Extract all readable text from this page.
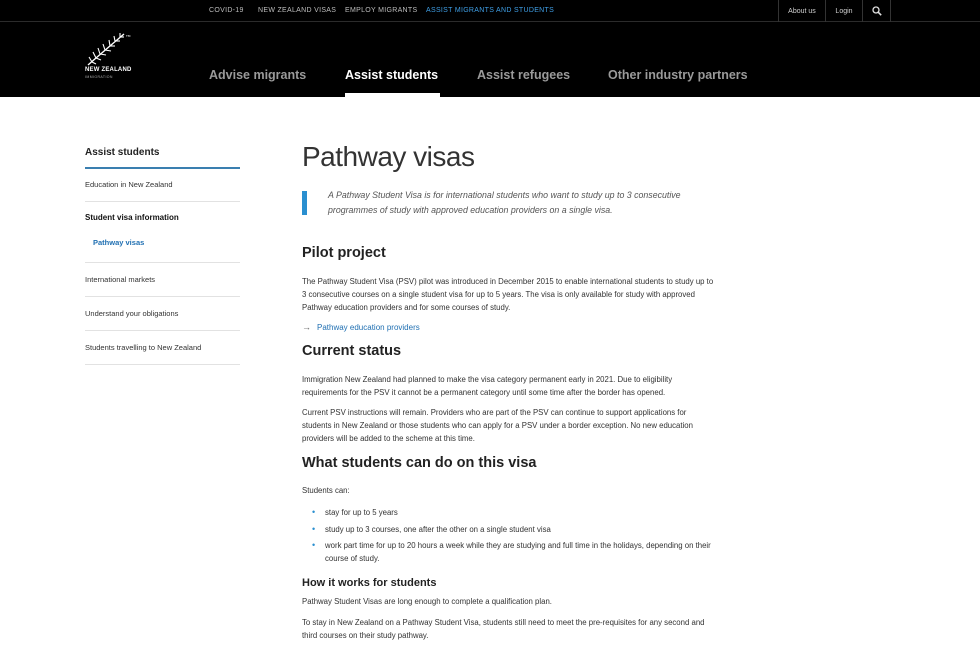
COVID-19 NEW ZEALAND VISAS EMPLOY MIGRANTS ASSIST MIGRANTS AND STUDENTS	About us	Login
TM
NEW ZEALAND
IMMIGRATION	Advise migrants	Assist students	Assist refugees	Other industry partners
Assist students
Education in New Zealand
Student visa information
Pathway visas
International markets
Understand your obligations
Students travelling to New Zealand
Pathway visas

A Pathway Student Visa is for international students who want to study up to 3 consecutive programmes of study with approved education providers on a single visa.

Pilot project

The Pathway Student Visa (PSV) pilot was introduced in December 2015 to enable international students to study up to 3 consecutive courses on a single student visa for up to 5 years. The visa is only available for study with approved Pathway education providers and for some courses of study.

→ Pathway education providers
Current status

Immigration New Zealand had planned to make the visa category permanent early in 2021. Due to eligibility requirements for the PSV it cannot be a permanent category until some time after the border has opened.

Current PSV instructions will remain. Providers who are part of the PSV can continue to support applications for students in New Zealand or those students who can apply for a PSV under a border exception. No new education providers will be added to the scheme at this time.

What students can do on this visa

Students can:

• stay for up to 5 years
• study up to 3 courses, one after the other on a single student visa
• work part time for up to 20 hours a week while they are studying and full time in the holidays, depending on their course of study.
How it works for students

Pathway Student Visas are long enough to complete a qualification plan.

To stay in New Zealand on a Pathway Student Visa, students still need to meet the pre-requisites for any second and third courses on their study pathway.
